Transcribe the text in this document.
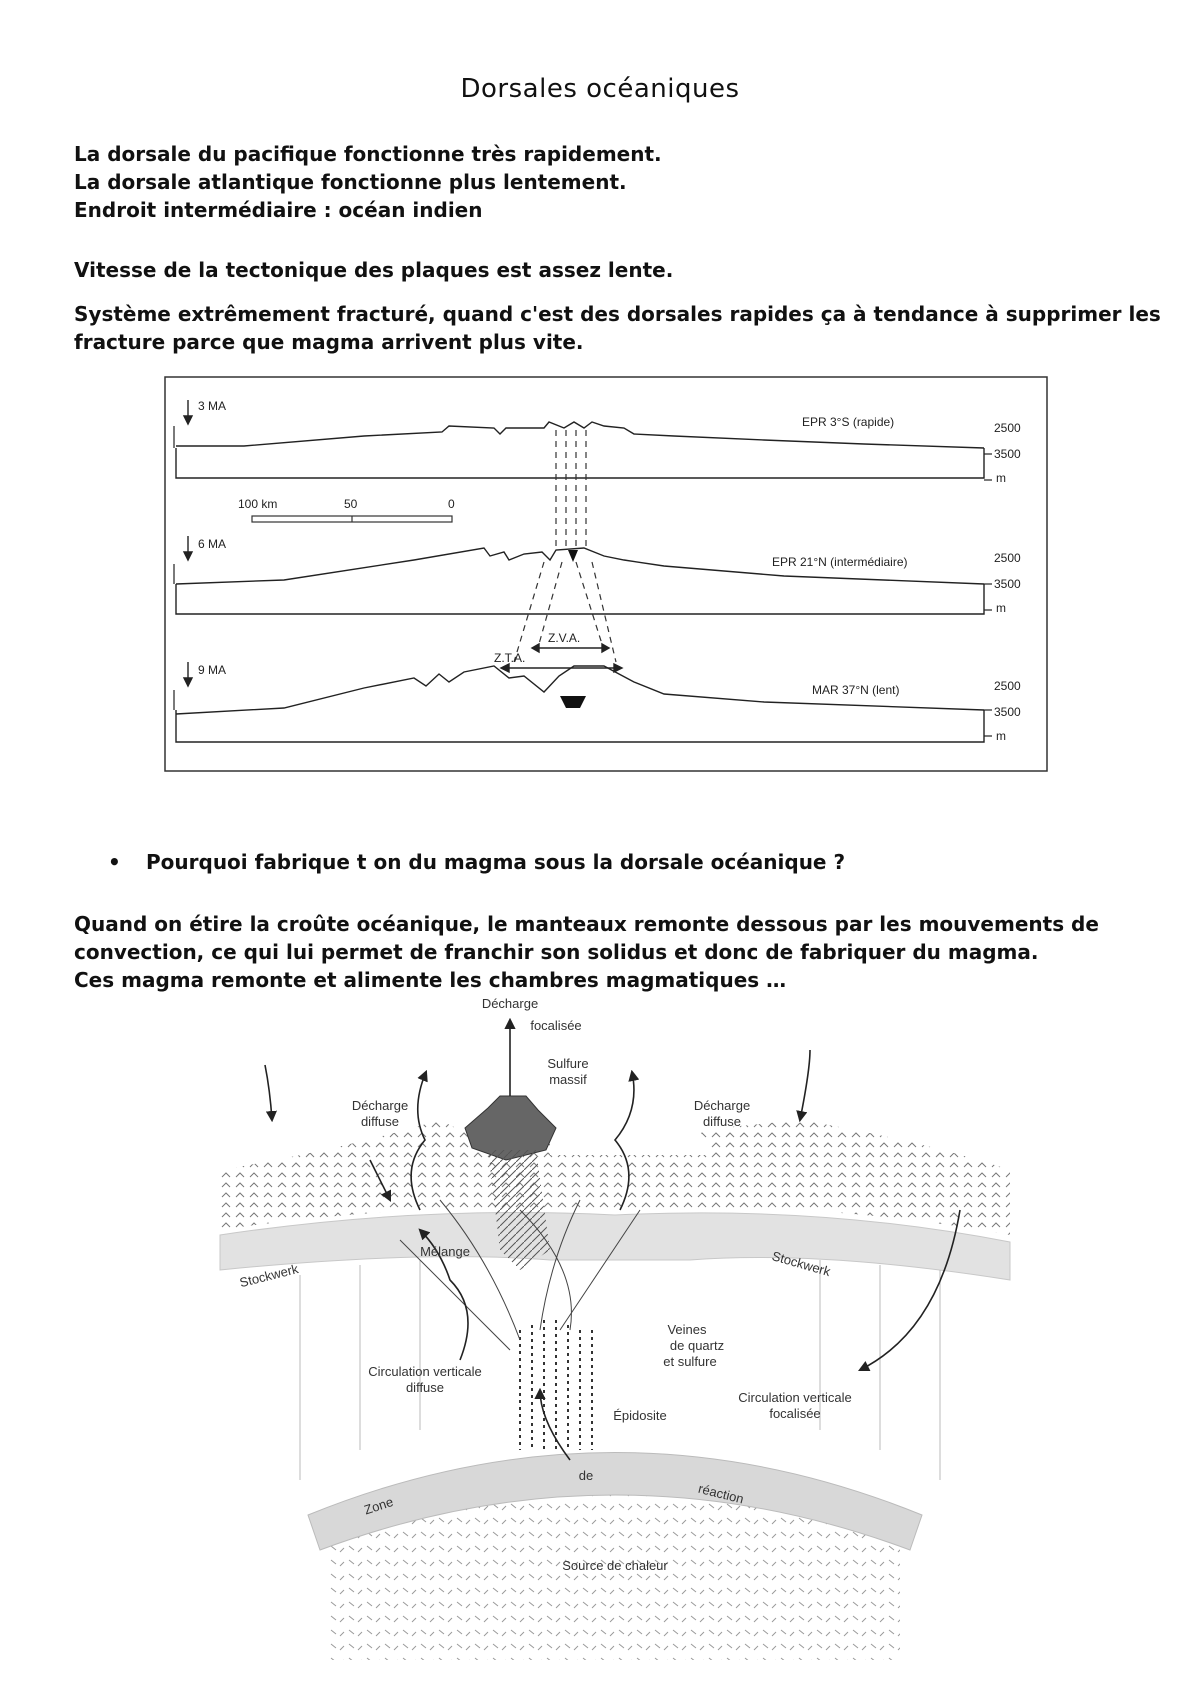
Dorsales océaniques
La dorsale du pacifique fonctionne très rapidement.
La dorsale atlantique fonctionne plus lentement.
Endroit intermédiaire : océan indien
Vitesse de la tectonique des plaques est assez lente.
Système extrêmement fracturé, quand c'est des dorsales rapides ça à tendance à supprimer les
fracture parce que magma arrivent plus vite.
3 MA
6 MA
9 MA
EPR 3°S (rapide)
EPR 21°N (intermédiaire)
MAR 37°N (lent)
2500
3500
m
2500
3500
m
2500
3500
m
100 km	50	0
Z.T.A.
Z.V.A.
• Pourquoi fabrique t on du magma sous la dorsale océanique ?
Quand on étire la croûte océanique, le manteaux remonte dessous par les mouvements de
convection, ce qui lui permet de franchir son solidus et donc de fabriquer du magma.
Ces magma remonte et alimente les chambres magmatiques …
Décharge
focalisée
Sulfure
massif
Décharge
diffuse
Décharge
diffuse
Mélange
Stockwerk	Stockwerk
Veines
de quartz
et sulfure
Circulation verticale
diffuse
Circulation verticale
focalisée
Épidosite
Zone
de
réaction
Source de chaleur
